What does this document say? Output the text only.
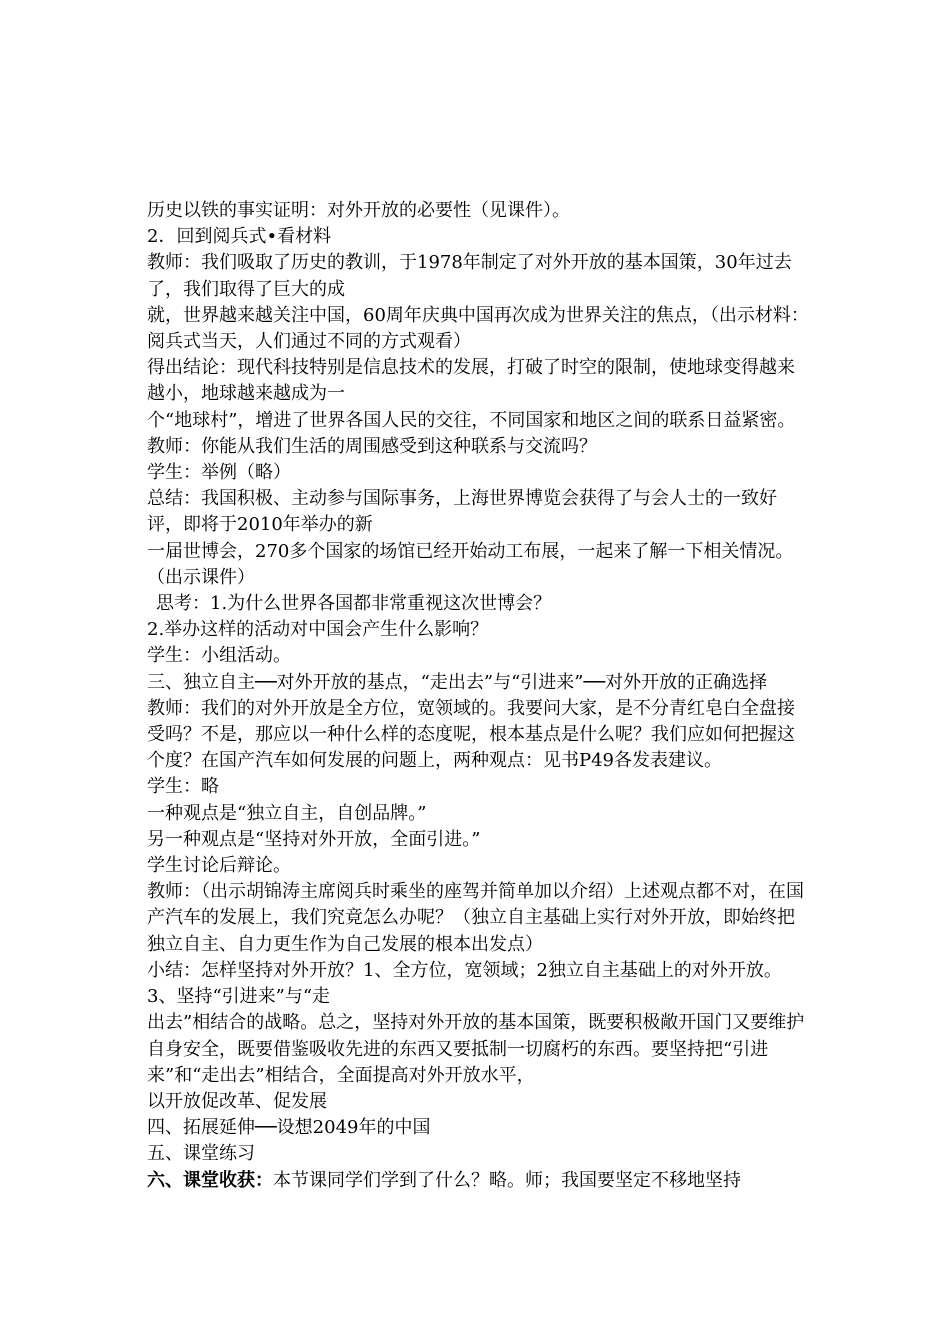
历史以铁的事实证明：对外开放的必要性（见课件）。

2．回到阅兵式•看材料

教师：我们吸取了历史的教训，于1978年制定了对外开放的基本国策，30年过去了，我们取得了巨大的成

就，世界越来越关注中国，60周年庆典中国再次成为世界关注的焦点，（出示材料：阅兵式当天，人们通过不同的方式观看）

得出结论：现代科技特别是信息技术的发展，打破了时空的限制，使地球变得越来越小，地球越来越成为一

个“地球村”，增进了世界各国人民的交往，不同国家和地区之间的联系日益紧密。

教师：你能从我们生活的周围感受到这种联系与交流吗？

学生：举例（略）

总结：我国积极、主动参与国际事务，上海世界博览会获得了与会人士的一致好评，即将于2010年举办的新

一届世博会，270多个国家的场馆已经开始动工布展，一起来了解一下相关情况。（出示课件）

思考：1.为什么世界各国都非常重视这次世博会？

2.举办这样的活动对中国会产生什么影响？

学生：小组活动。

三、独立自主──对外开放的基点，“走出去”与“引进来”──对外开放的正确选择

教师：我们的对外开放是全方位，宽领域的。我要问大家，是不分青红皂白全盘接受吗？不是，那应以一种什么样的态度呢，根本基点是什么呢？我们应如何把握这个度？在国产汽车如何发展的问题上，两种观点：见书P49各发表建议。

学生：略

一种观点是“独立自主，自创品牌。”

另一种观点是“坚持对外开放，全面引进。”

学生讨论后辩论。

教师：（出示胡锦涛主席阅兵时乘坐的座驾并简单加以介绍）上述观点都不对，在国产汽车的发展上，我们究竟怎么办呢？（独立自主基础上实行对外开放，即始终把独立自主、自力更生作为自己发展的根本出发点）

小结：怎样坚持对外开放？1、全方位，宽领域；2独立自主基础上的对外开放。3、坚持“引进来”与“走

出去”相结合的战略。总之，坚持对外开放的基本国策，既要积极敞开国门又要维护自身安全，既要借鉴吸收先进的东西又要抵制一切腐朽的东西。要坚持把“引进来”和“走出去”相结合，全面提高对外开放水平，

以开放促改革、促发展

四、拓展延伸──设想2049年的中国

五、课堂练习

六、课堂收获：本节课同学们学到了什么？略。师；我国要坚定不移地坚持
